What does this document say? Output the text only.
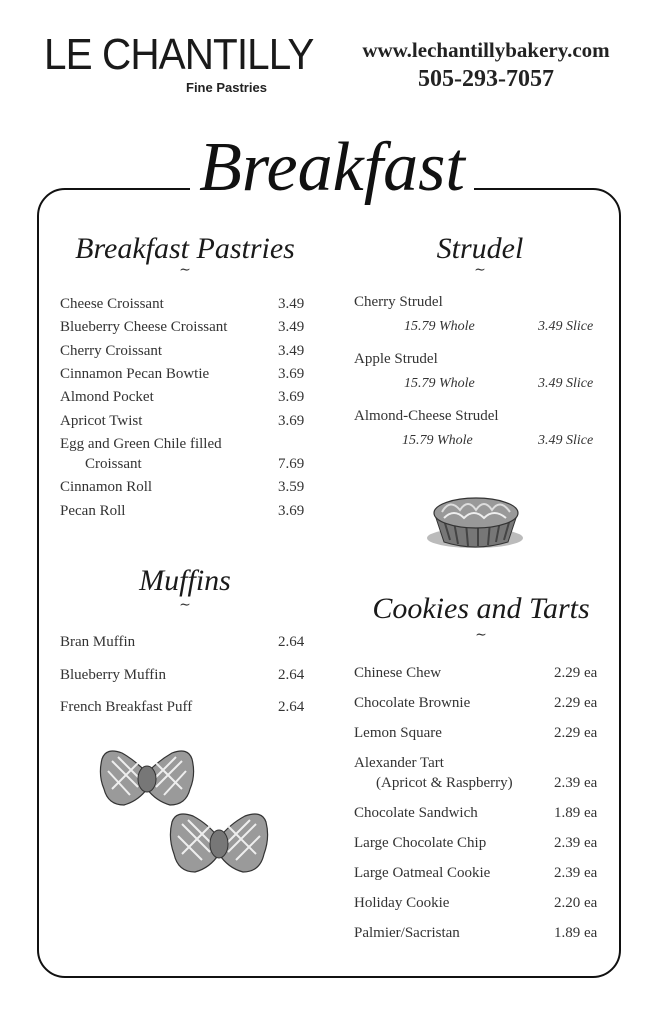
LE CHANTILLY
Fine Pastries
www.lechantillybakery.com
505-293-7057
Breakfast
Breakfast Pastries
∼
Cheese Croissant	3.49
Blueberry Cheese Croissant	3.49
Cherry Croissant	3.49
Cinnamon Pecan Bowtie	3.69
Almond Pocket	3.69
Apricot Twist	3.69
Egg and Green Chile filled
Croissant	7.69
Cinnamon Roll	3.59
Pecan Roll	3.69
Strudel
∼
Cherry Strudel
15.79 Whole	3.49 Slice
Apple Strudel
15.79 Whole	3.49 Slice
Almond-Cheese Strudel
15.79 Whole	3.49 Slice
Muffins
∼
Bran Muffin	2.64
Blueberry Muffin	2.64
French Breakfast Puff	2.64
Cookies and Tarts
∼
Chinese Chew	2.29 ea
Chocolate Brownie	2.29 ea
Lemon Square	2.29 ea
Alexander Tart
(Apricot & Raspberry)	2.39 ea
Chocolate Sandwich	1.89 ea
Large Chocolate Chip	2.39 ea
Large Oatmeal Cookie	2.39 ea
Holiday Cookie	2.20 ea
Palmier/Sacristan	1.89 ea
